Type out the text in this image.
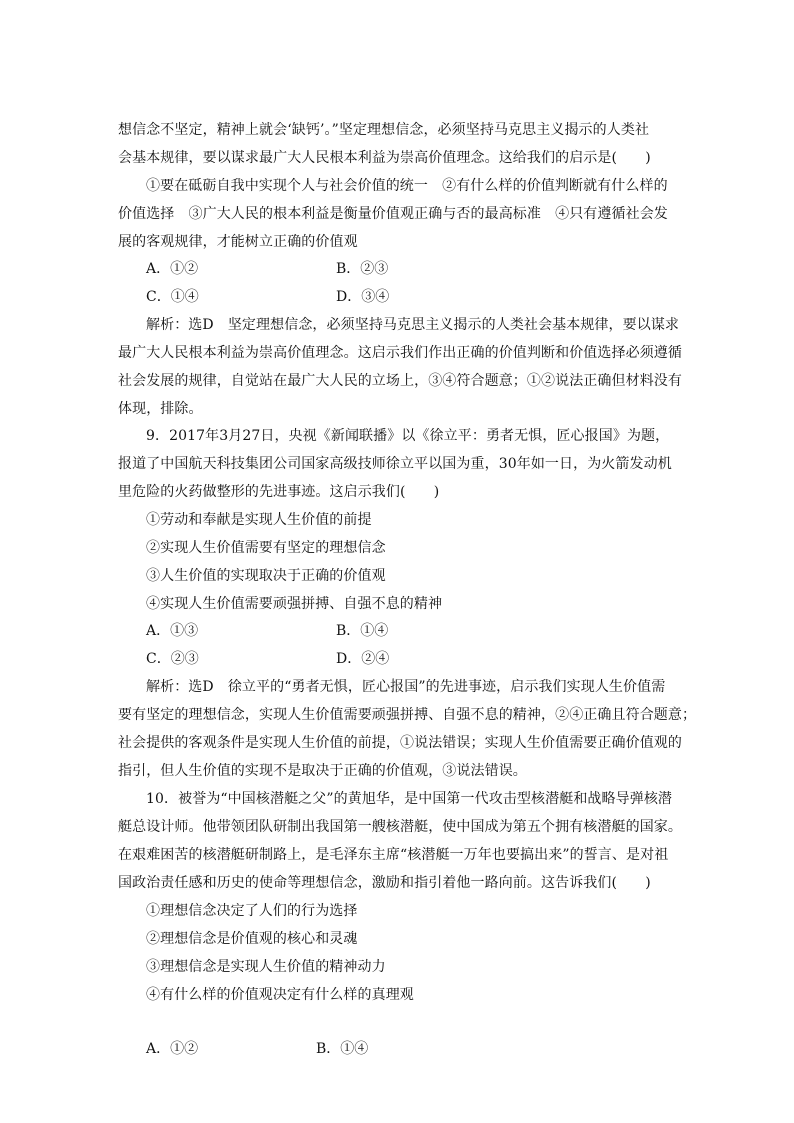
想信念不坚定，精神上就会‘缺钙’。”坚定理想信念，必须坚持马克思主义揭示的人类社
会基本规律，要以谋求最广大人民根本利益为崇高价值理念。这给我们的启示是(　　)
①要在砥砺自我中实现个人与社会价值的统一　②有什么样的价值判断就有什么样的
价值选择　③广大人民的根本利益是衡量价值观正确与否的最高标准　④只有遵循社会发
展的客观规律，才能树立正确的价值观
A．①②	B．②③
C．①④	D．③④
解析：选D　坚定理想信念，必须坚持马克思主义揭示的人类社会基本规律，要以谋求
最广大人民根本利益为崇高价值理念。这启示我们作出正确的价值判断和价值选择必须遵循
社会发展的规律，自觉站在最广大人民的立场上，③④符合题意；①②说法正确但材料没有
体现，排除。
9．2017年3月27日，央视《新闻联播》以《徐立平：勇者无惧，匠心报国》为题，
报道了中国航天科技集团公司国家高级技师徐立平以国为重，30年如一日，为火箭发动机
里危险的火药做整形的先进事迹。这启示我们(　　)
①劳动和奉献是实现人生价值的前提
②实现人生价值需要有坚定的理想信念
③人生价值的实现取决于正确的价值观
④实现人生价值需要顽强拼搏、自强不息的精神
A．①③	B．①④
C．②③	D．②④
解析：选D　徐立平的“勇者无惧，匠心报国”的先进事迹，启示我们实现人生价值需
要有坚定的理想信念，实现人生价值需要顽强拼搏、自强不息的精神，②④正确且符合题意；
社会提供的客观条件是实现人生价值的前提，①说法错误；实现人生价值需要正确价值观的
指引，但人生价值的实现不是取决于正确的价值观，③说法错误。
10．被誉为“中国核潜艇之父”的黄旭华，是中国第一代攻击型核潜艇和战略导弹核潜
艇总设计师。他带领团队研制出我国第一艘核潜艇，使中国成为第五个拥有核潜艇的国家。
在艰难困苦的核潜艇研制路上，是毛泽东主席“核潜艇一万年也要搞出来”的誓言、是对祖
国政治责任感和历史的使命等理想信念，激励和指引着他一路向前。这告诉我们(　　)
①理想信念决定了人们的行为选择
②理想信念是价值观的核心和灵魂
③理想信念是实现人生价值的精神动力
④有什么样的价值观决定有什么样的真理观
A．①②	B．①④
